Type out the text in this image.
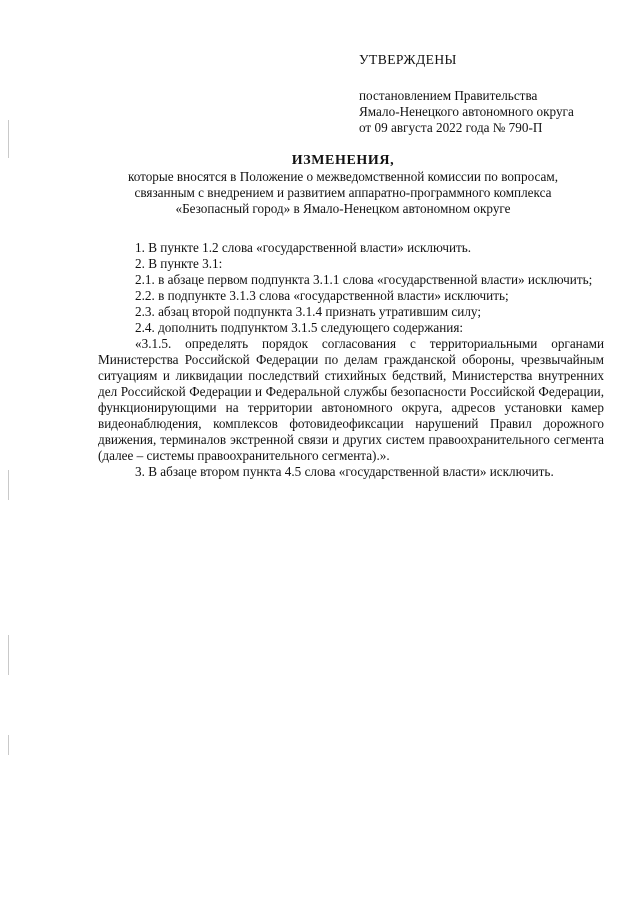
УТВЕРЖДЕНЫ
постановлением Правительства
Ямало-Ненецкого автономного округа
от 09 августа 2022 года № 790-П
ИЗМЕНЕНИЯ,
которые вносятся в Положение о межведомственной комиссии по вопросам,
связанным с внедрением и развитием аппаратно-программного комплекса
«Безопасный город» в Ямало-Ненецком автономном округе

1. В пункте 1.2 слова «государственной власти» исключить.

2. В пункте 3.1:

2.1. в абзаце первом подпункта 3.1.1 слова «государственной власти» исключить;

2.2. в подпункте 3.1.3 слова «государственной власти» исключить;

2.3. абзац второй подпункта 3.1.4 признать утратившим силу;

2.4. дополнить подпунктом 3.1.5 следующего содержания:

«3.1.5. определять порядок согласования с территориальными органами Министерства Российской Федерации по делам гражданской обороны, чрезвычайным ситуациям и ликвидации последствий стихийных бедствий, Министерства внутренних дел Российской Федерации и Федеральной службы безопасности Российской Федерации, функционирующими на территории автономного округа, адресов установки камер видеонаблюдения, комплексов фотовидеофиксации нарушений Правил дорожного движения, терминалов экстренной связи и других систем правоохранительного сегмента (далее – системы правоохранительного сегмента).».

3. В абзаце втором пункта 4.5 слова «государственной власти» исключить.
